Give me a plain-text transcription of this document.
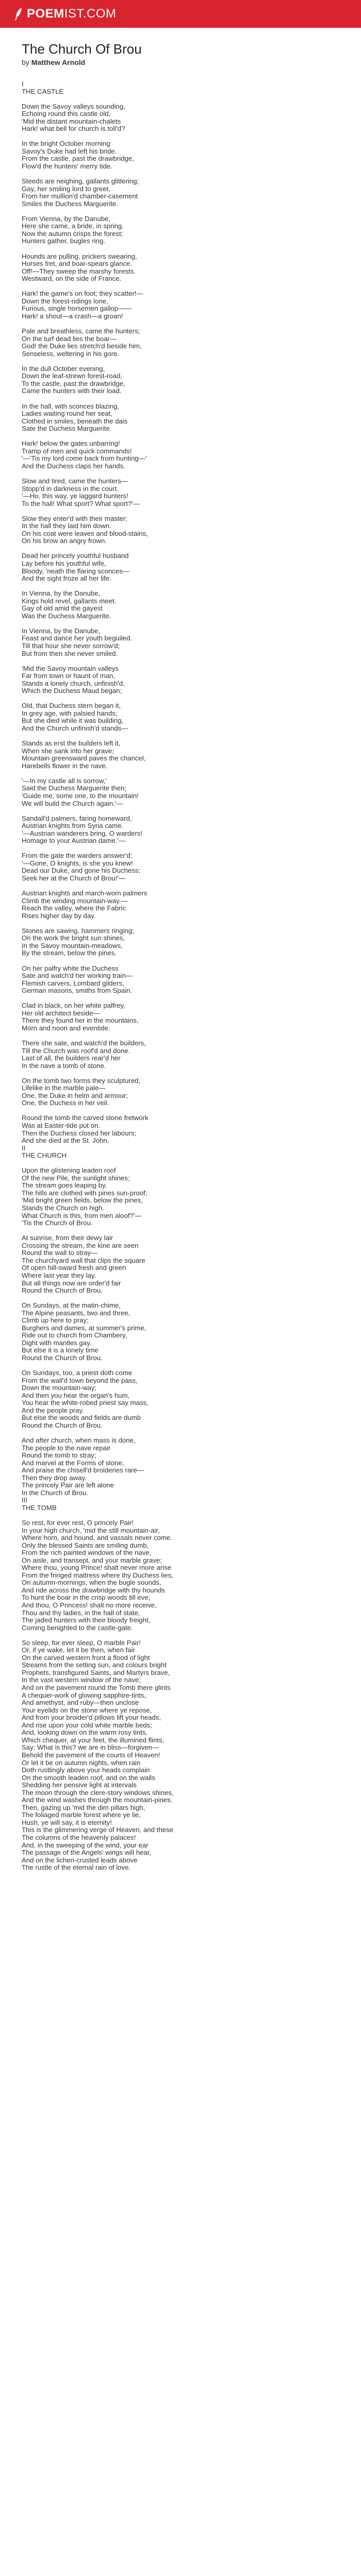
POEMIST.COM
The Church Of Brou
by Matthew Arnold
I
THE CASTLE
Down the Savoy valleys sounding,
Echoing round this castle old,
'Mid the distant mountain-chalets
Hark! what bell for church is toll'd?
In the bright October morning
Savoy's Duke had left his bride.
From the castle, past the drawbridge,
Flow'd the hunters' merry tide.
Steeds are neighing, gallants glittering;
Gay, her smiling lord to greet,
From her mullion'd chamber-casement
Smiles the Duchess Marguerite.
From Vienna, by the Danube,
Here she came, a bride, in spring.
Now the autumn crisps the forest;
Hunters gather, bugles ring.
Hounds are pulling, prickers swearing,
Horses fret, and boar-spears glance.
Off!—They sweep the marshy forests.
Westward, on the side of France.
Hark! the game's on foot; they scatter!—
Down the forest-ridings lone,
Furious, single horsemen gallop——
Hark! a shout—a crash—a groan!
Pale and breathless, came the hunters;
On the turf dead lies the boar—
God! the Duke lies stretch'd beside him,
Senseless, weltering in his gore.
In the dull October evening,
Down the leaf-strewn forest-road,
To the castle, past the drawbridge,
Came the hunters with their load.
In the hall, with sconces blazing,
Ladies waiting round her seat,
Clothed in smiles, beneath the dais
Sate the Duchess Marguerite.
Hark! below the gates unbarring!
Tramp of men and quick commands!
'—'Tis my lord come back from hunting—'
And the Duchess claps her hands.
Slow and tired, came the hunters—
Stopp'd in darkness in the court.
'—Ho, this way, ye laggard hunters!
To the hall! What sport? What sport?'—
Slow they enter'd with their master;
In the hall they laid him down.
On his coat were leaves and blood-stains,
On his brow an angry frown.
Dead her princely youthful husband
Lay before his youthful wife,
Bloody, 'neath the flaring sconces—
And the sight froze all her life.
In Vienna, by the Danube,
Kings hold revel, gallants meet.
Gay of old amid the gayest
Was the Duchess Marguerite.
In Vienna, by the Danube,
Feast and dance her youth beguiled.
Till that hour she never sorrow'd;
But from then she never smiled.
'Mid the Savoy mountain valleys
Far from town or haunt of man,
Stands a lonely church, unfinish'd,
Which the Duchess Maud began;
Old, that Duchess stern began it,
In grey age, with palsied hands;
But she died while it was building,
And the Church unfinish'd stands—
Stands as erst the builders left it,
When she sank into her grave;
Mountain greensward paves the chancel,
Harebells flower in the nave.
'—In my castle all is sorrow,'
Said the Duchess Marguerite then;
'Guide me, some one, to the mountain!
We will build the Church again.'—
Sandall'd palmers, faring homeward,
Austrian knights from Syria came.
'—Austrian wanderers bring, O warders!
Homage to your Austrian dame.'—
From the gate the warders answer'd:
'—Gone, O knights, is she you knew!
Dead our Duke, and gone his Duchess;
Seek her at the Church of Brou!'—
Austrian knights and march-worn palmers
Climb the winding mountain-way.—
Reach the valley, where the Fabric
Rises higher day by day.
Stones are sawing, hammers ringing;
On the work the bright sun shines,
In the Savoy mountain-meadows,
By the stream, below the pines.
On her palfry white the Duchess
Sate and watch'd her working train—
Flemish carvers, Lombard gilders,
German masons, smiths from Spain.
Clad in black, on her white palfrey,
Her old architect beside—
There they found her in the mountains,
Morn and noon and eventide.
There she sate, and watch'd the builders,
Till the Church was roof'd and done.
Last of all, the builders rear'd her
In the nave a tomb of stone.
On the tomb two forms they sculptured,
Lifelike in the marble pale—
One, the Duke in helm and armour;
One, the Duchess in her veil.
Round the tomb the carved stone fretwork
Was at Easter-tide put on.
Then the Duchess closed her labours;
And she died at the St. John.
II
THE CHURCH
Upon the glistening leaden roof
Of the new Pile, the sunlight shines;
The stream goes leaping by.
The hills are clothed with pines sun-proof;
'Mid bright green fields, below the pines,
Stands the Church on high.
What Church is this, from men aloof?'—
'Tis the Church of Brou.
At sunrise, from their dewy lair
Crossing the stream, the kine are seen
Round the wall to stray—
The churchyard wall that clips the square
Of open hill-sward fresh and green
Where last year they lay.
But all things now are order'd fair
Round the Church of Brou.
On Sundays, at the matin-chime,
The Alpine peasants, two and three,
Climb up here to pray;
Burghers and dames, at summer's prime,
Ride out to church from Chambery,
Dight with mantles gay.
But else it is a lonely time
Round the Church of Brou.
On Sundays, too, a priest doth come
From the wall'd town beyond the pass,
Down the mountain-way;
And then you hear the organ's hum,
You hear the white-robed priest say mass,
And the people pray.
But else the woods and fields are dumb
Round the Church of Brou.
And after church, when mass is done,
The people to the nave repair
Round the tomb to stray;
And marvel at the Forms of stone,
And praise the chisell'd broideries rare—
Then they drop away.
The princely Pair are left alone
In the Church of Brou.
III
THE TOMB
So rest, for ever rest, O princely Pair!
In your high church, 'mid the still mountain-air,
Where horn, and hound, and vassals never come.
Only the blessed Saints are smiling dumb,
From the rich painted windows of the nave,
On aisle, and transept, and your marble grave;
Where thou, young Prince! shalt never more arise
From the fringed mattress where thy Duchess lies,
On autumn-mornings, when the bugle sounds,
And ride across the drawbridge with thy hounds
To hunt the boar in the crisp woods till eve;
And thou, O Princess! shalt no more receive,
Thou and thy ladies, in the hall of state,
The jaded hunters with their bloody freight,
Coming benighted to the castle-gate.
So sleep, for ever sleep, O marble Pair!
Or, if ye wake, let it be then, when fair
On the carved western front a flood of light
Streams from the setting sun, and colours bright
Prophets, transfigured Saints, and Martyrs brave,
In the vast western window of the nave;
And on the pavement round the Tomb there glints
A chequer-work of glowing sapphire-tints,
And amethyst, and ruby—then unclose
Your eyelids on the stone where ye repose,
And from your broider'd pillows lift your heads,
And rise upon your cold white marble beds;
And, looking down on the warm rosy tints,
Which chequer, at your feet, the illumined flints,
Say: What is this? we are in bliss—forgiven—
Behold the pavement of the courts of Heaven!
Or let it be on autumn nights, when rain
Doth rustlingly above your heads complain
On the smooth leaden roof, and on the walls
Shedding her pensive light at intervals
The moon through the clere-story windows shines,
And the wind washes through the mountain-pines.
Then, gazing up 'mid the dim pillars high,
The foliaged marble forest where ye lie,
Hush, ye will say, it is eternity!
This is the glimmering verge of Heaven, and these
The columns of the heavenly palaces!
And, in the sweeping of the wind, your ear
The passage of the Angels' wings will hear,
And on the lichen-crusted leads above
The rustle of the eternal rain of love.
